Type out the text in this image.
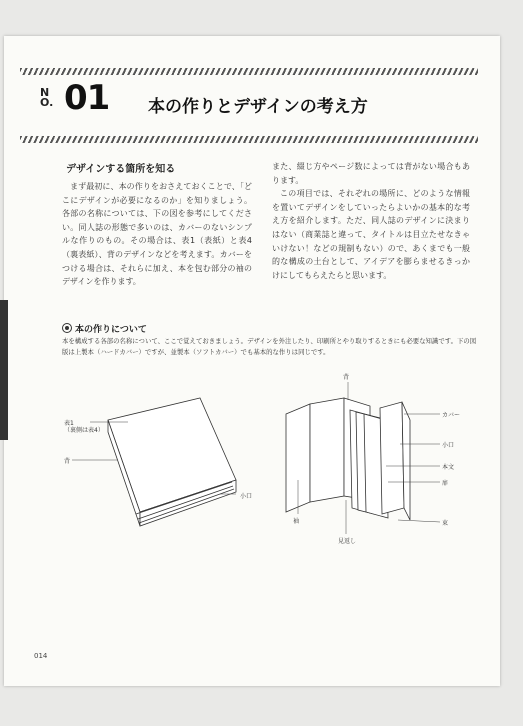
N
O. 01 本の作りとデザインの考え方
デザインする箇所を知る

まず最初に、本の作りをおさえておくことで、「どこにデザインが必要になるのか」を知りましょう。各部の名称については、下の図を参考にしてください。同人誌の形態で多いのは、カバーのないシンプルな作りのもの。その場合は、表1（表紙）と表4（裏表紙）、背のデザインなどを考えます。カバーをつける場合は、それらに加え、本を包む部分の袖のデザインを作ります。

また、綴じ方やページ数によっては背がない場合もあります。

この項目では、それぞれの場所に、どのような情報を置いてデザインをしていったらよいかの基本的な考え方を紹介します。ただ、同人誌のデザインに決まりはない（商業誌と違って、タイトルは目立たせなきゃいけない！などの規制もない）ので、あくまでも一般的な構成の土台として、アイデアを膨らませるきっかけにしてもらえたらと思います。

本の作りについて
本を構成する各部の名称について、ここで覚えておきましょう。デザインを外注したり、印刷所とやり取りするときにも必要な知識です。下の図版は上製本（ハードカバー）ですが、並製本（ソフトカバー）でも基本的な作りは同じです。
表1
（裏側は表4）
背
小口
背
カバー
小口
本文
扉
束
袖
見返し
014
